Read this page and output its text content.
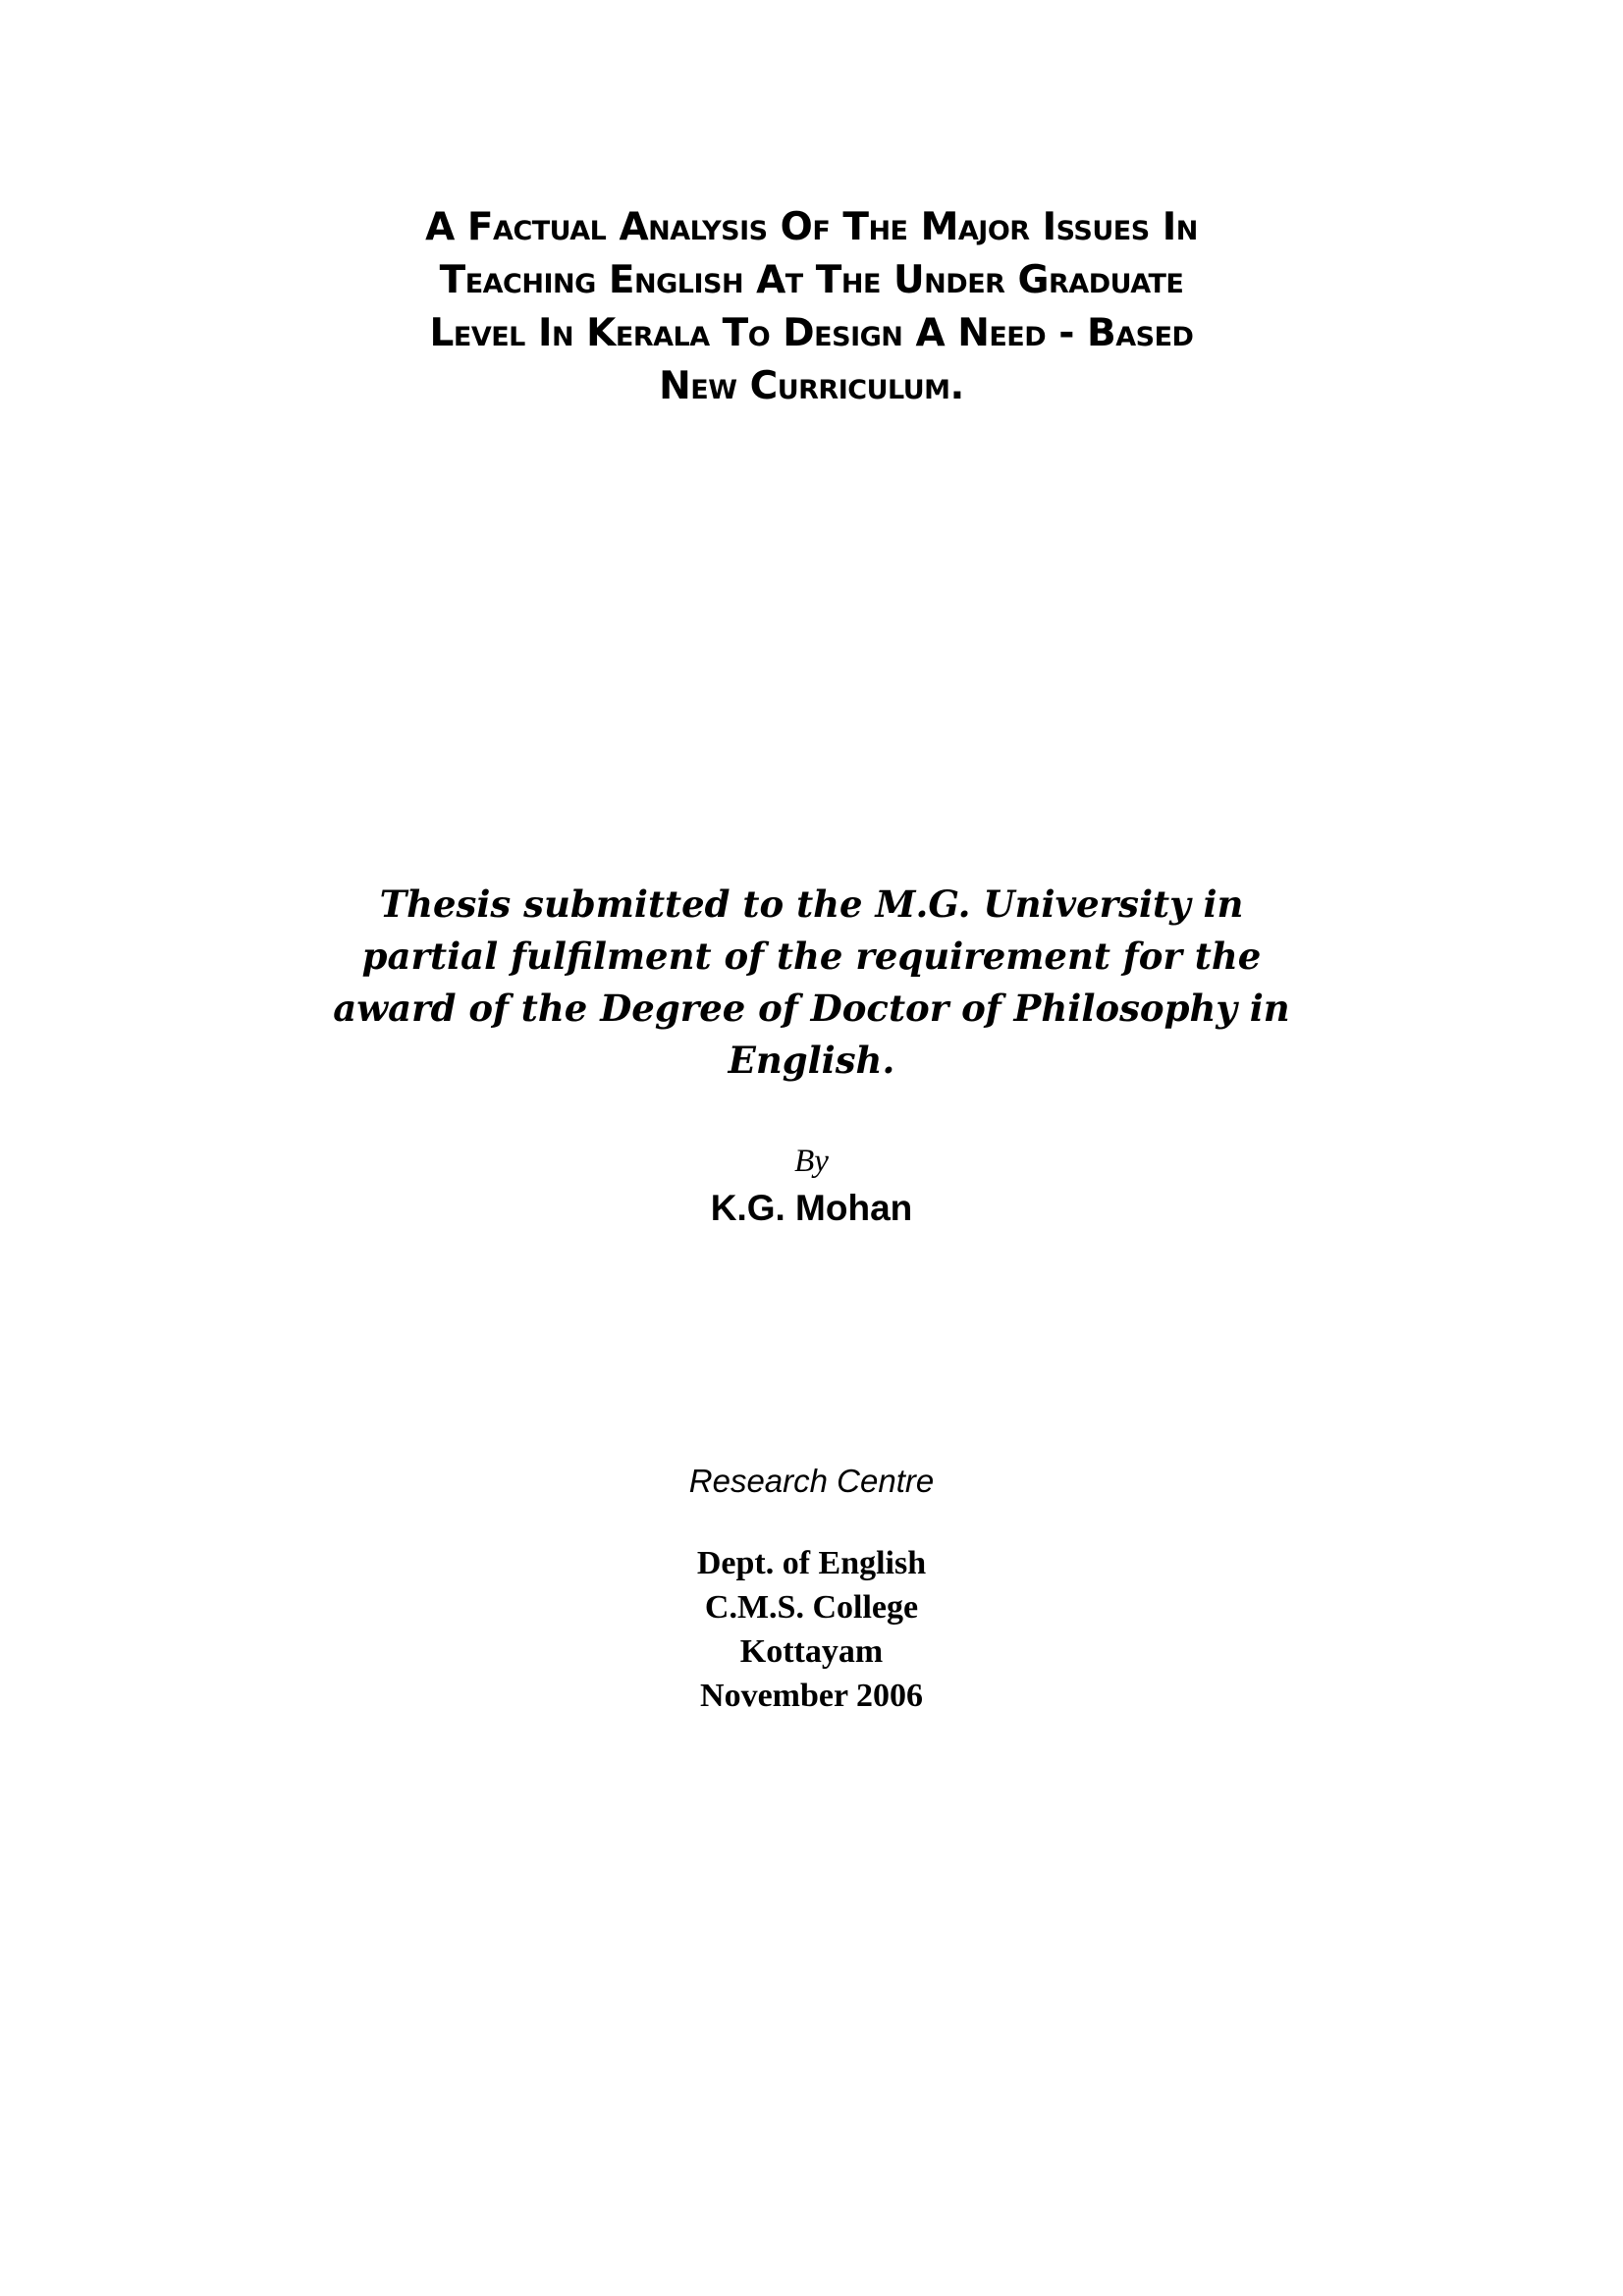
A Factual Analysis Of The Major Issues In
Teaching English At The Under Graduate
Level In Kerala To Design A Need - Based
New Curriculum.
Thesis submitted to the M.G. University in
partial fulfilment of the requirement for the
award of the Degree of Doctor of Philosophy in
English.
By
K.G. Mohan
Research Centre
Dept. of English
C.M.S. College
Kottayam
November 2006
